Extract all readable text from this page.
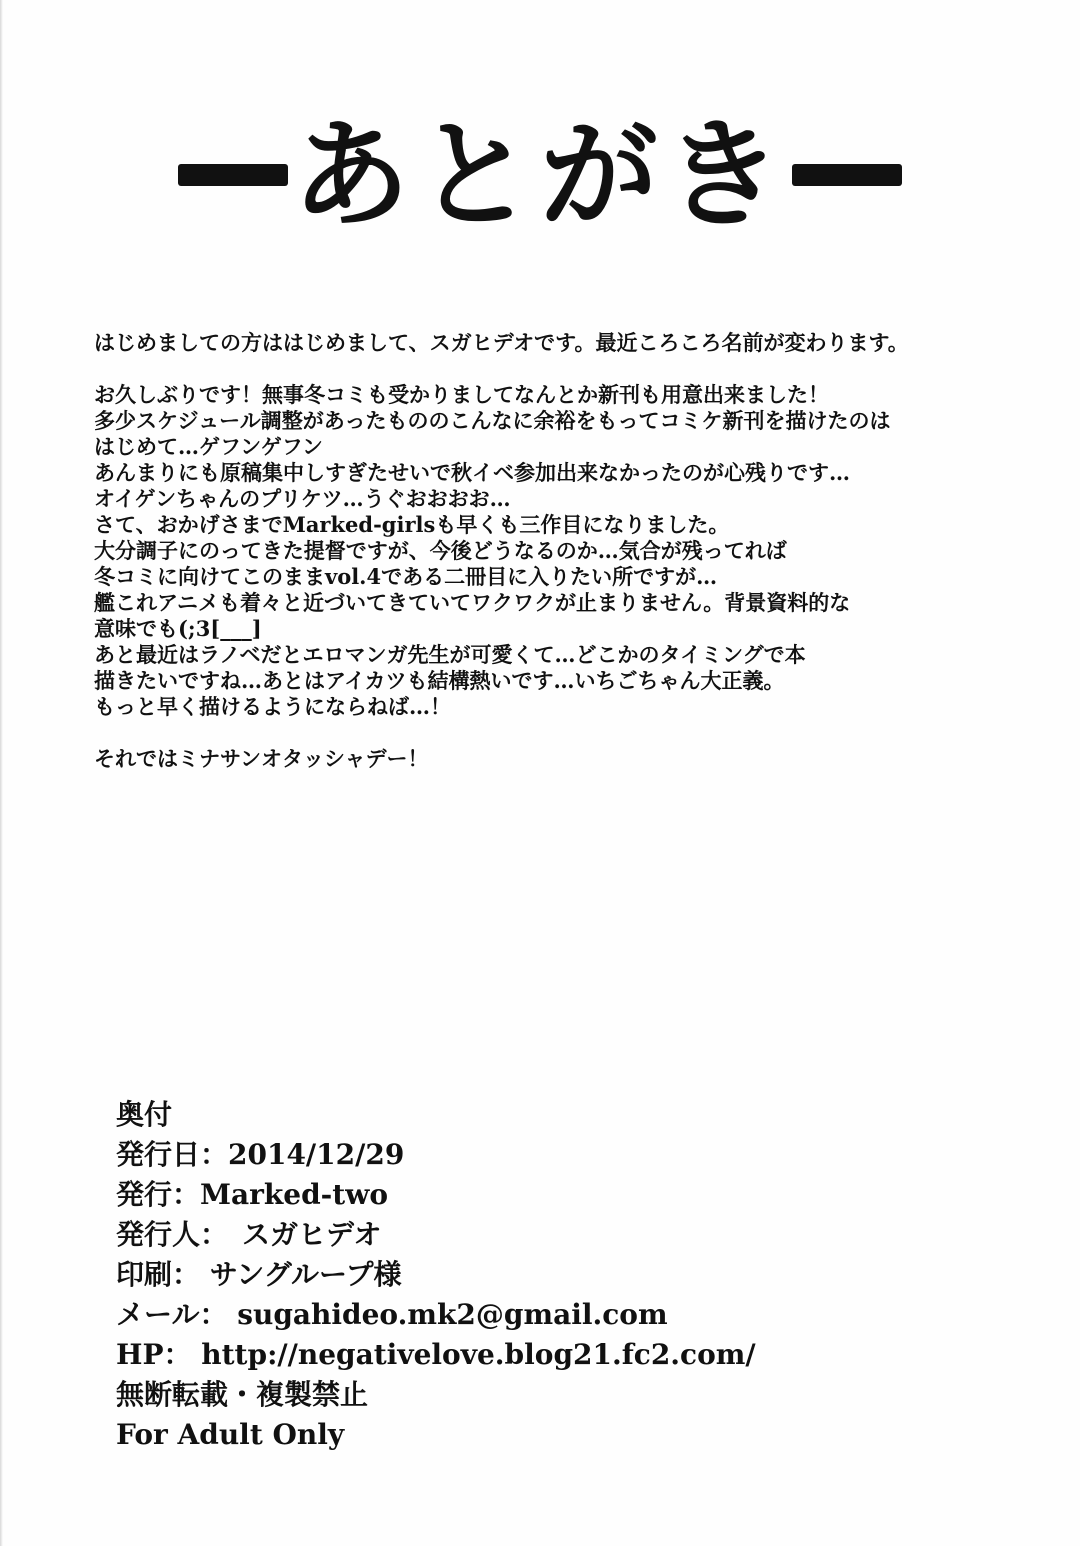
あとがき

はじめましての方ははじめまして、スガヒデオです。最近ころころ名前が変わります。

お久しぶりです！無事冬コミも受かりましてなんとか新刊も用意出来ました！
多少スケジュール調整があったもののこんなに余裕をもってコミケ新刊を描けたのは
はじめて…ゲフンゲフン
あんまりにも原稿集中しすぎたせいで秋イベ参加出来なかったのが心残りです…
オイゲンちゃんのプリケツ…うぐおおおお…
さて、おかげさまでMarked-girlsも早くも三作目になりました。
大分調子にのってきた提督ですが、今後どうなるのか…気合が残ってれば
冬コミに向けてこのままvol.4である二冊目に入りたい所ですが…
艦これアニメも着々と近づいてきていてワクワクが止まりません。背景資料的な
意味でも(;3[___]
あと最近はラノベだとエロマンガ先生が可愛くて…どこかのタイミングで本
描きたいですね…あとはアイカツも結構熱いです…いちごちゃん大正義。
もっと早く描けるようにならねば…！

それではミナサンオタッシャデー！

奥付
発行日：2014/12/29
発行：Marked-two
発行人：　スガヒデオ
印刷： サングループ様
メール： sugahideo.mk2@gmail.com
HP： http://negativelove.blog21.fc2.com/
無断転載・複製禁止
For Adult Only
